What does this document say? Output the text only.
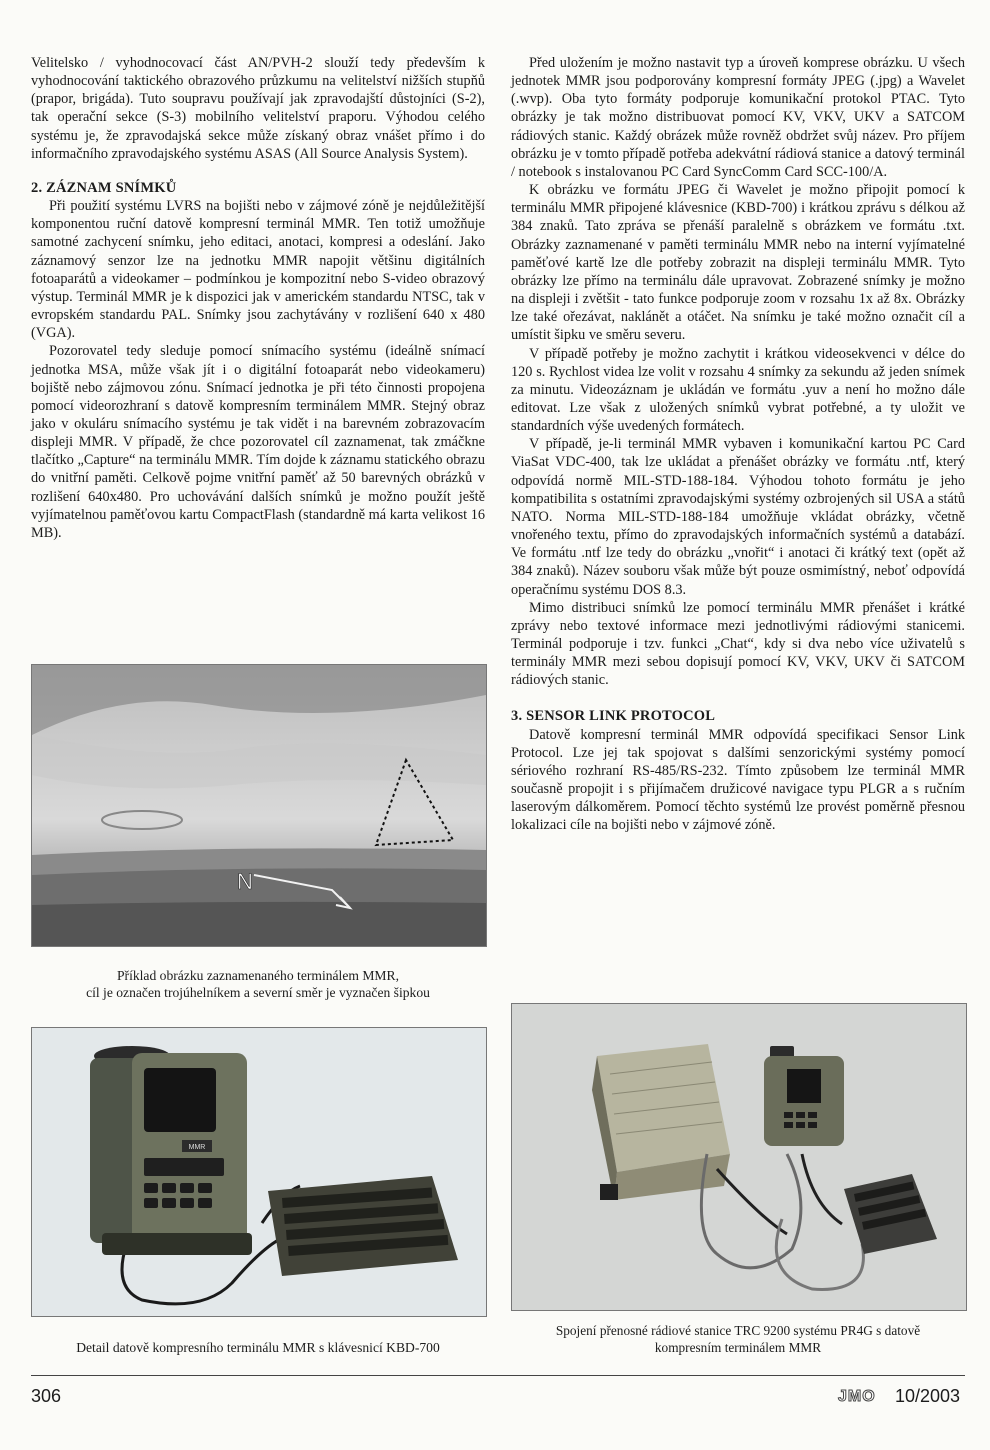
Velitelsko / vyhodnocovací část AN/PVH-2 slouží tedy především k vyhodnocování taktického obrazového průzkumu na velitelství nižších stupňů (prapor, brigáda). Tuto soupravu používají jak zpravodajští důstojníci (S-2), tak operační sekce (S-3) mobilního velitelství praporu. Výhodou celého systému je, že zpravodajská sekce může získaný obraz vnášet přímo i do informačního zpravodajského systému ASAS (All Source Analysis System).

2. ZÁZNAM SNÍMKŮ

Při použití systému LVRS na bojišti nebo v zájmové zóně je nejdůležitější komponentou ruční datově kompresní terminál MMR. Ten totiž umožňuje samotné zachycení snímku, jeho editaci, anotaci, kompresi a odeslání. Jako záznamový senzor lze na jednotku MMR napojit většinu digitálních fotoaparátů a videokamer – podmínkou je kompozitní nebo S-video obrazový výstup. Terminál MMR je k dispozici jak v americkém standardu NTSC, tak v evropském standardu PAL. Snímky jsou zachytávány v rozlišení 640 x 480 (VGA).

Pozorovatel tedy sleduje pomocí snímacího systému (ideálně snímací jednotka MSA, může však jít i o digitální fotoaparát nebo videokameru) bojiště nebo zájmovou zónu. Snímací jednotka je při této činnosti propojena pomocí videorozhraní s datově kompresním terminálem MMR. Stejný obraz jako v okuláru snímacího systému je tak vidět i na barevném zobrazovacím displeji MMR. V případě, že chce pozorovatel cíl zaznamenat, tak zmáčkne tlačítko „Capture“ na terminálu MMR. Tím dojde k záznamu statického obrazu do vnitřní paměti. Celkově pojme vnitřní paměť až 50 barevných obrázků v rozlišení 640x480. Pro uchovávání dalších snímků je možno použít ještě vyjímatelnou paměťovou kartu CompactFlash (standardně má karta velikost 16 MB).

Před uložením je možno nastavit typ a úroveň komprese obrázku. U všech jednotek MMR jsou podporovány kompresní formáty JPEG (.jpg) a Wavelet (.wvp). Oba tyto formáty podporuje komunikační protokol PTAC. Tyto obrázky je tak možno distribuovat pomocí KV, VKV, UKV a SATCOM rádiových stanic. Každý obrázek může rovněž obdržet svůj název. Pro příjem obrázku je v tomto případě potřeba adekvátní rádiová stanice a datový terminál / notebook s instalovanou PC Card SyncComm Card SCC-100/A.

K obrázku ve formátu JPEG či Wavelet je možno připojit pomocí k terminálu MMR připojené klávesnice (KBD-700) i krátkou zprávu s délkou až 384 znaků. Tato zpráva se přenáší paralelně s obrázkem ve formátu .txt. Obrázky zaznamenané v paměti terminálu MMR nebo na interní vyjímatelné paměťové kartě lze dle potřeby zobrazit na displeji terminálu MMR. Tyto obrázky lze přímo na terminálu dále upravovat. Zobrazené snímky je možno na displeji i zvětšit - tato funkce podporuje zoom v rozsahu 1x až 8x. Obrázky lze také ořezávat, naklánět a otáčet. Na snímku je také možno označit cíl a umístit šipku ve směru severu.

V případě potřeby je možno zachytit i krátkou videosekvenci v délce do 120 s. Rychlost videa lze volit v rozsahu 4 snímky za sekundu až jeden snímek za minutu. Videozáznam je ukládán ve formátu .yuv a není ho možno dále editovat. Lze však z uložených snímků vybrat potřebné, a ty uložit ve standardních výše uvedených formátech.

V případě, je-li terminál MMR vybaven i komunikační kartou PC Card ViaSat VDC-400, tak lze ukládat a přenášet obrázky ve formátu .ntf, který odpovídá normě MIL-STD-188-184. Výhodou tohoto formátu je jeho kompatibilita s ostatními zpravodajskými systémy ozbrojených sil USA a států NATO. Norma MIL-STD-188-184 umožňuje vkládat obrázky, včetně vnořeného textu, přímo do zpravodajských informačních systémů a databází. Ve formátu .ntf lze tedy do obrázku „vnořit“ i anotaci či krátký text (opět až 384 znaků). Název souboru však může být pouze osmimístný, neboť odpovídá operačnímu systému DOS 8.3.

Mimo distribuci snímků lze pomocí terminálu MMR přenášet i krátké zprávy nebo textové informace mezi jednotlivými rádiovými stanicemi. Terminál podporuje i tzv. funkci „Chat“, kdy si dva nebo více uživatelů s terminály MMR mezi sebou dopisují pomocí KV, VKV, UKV či SATCOM rádiových stanic.

3. SENSOR LINK PROTOCOL

Datově kompresní terminál MMR odpovídá specifikaci Sensor Link Protocol. Lze jej tak spojovat s dalšími senzorickými systémy pomocí sériového rozhraní RS-485/RS-232. Tímto způsobem lze terminál MMR současně propojit i s přijímačem družicové navigace typu PLGR a s ručním laserovým dálkoměrem. Pomocí těchto systémů lze provést poměrně přesnou lokalizaci cíle na bojišti nebo v zájmové zóně.

N
Příklad obrázku zaznamenaného terminálem MMR,
cíl je označen trojúhelníkem a severní směr je vyznačen šipkou
MMR
Detail datově kompresního terminálu MMR s klávesnicí KBD-700
Spojení přenosné rádiové stanice TRC 9200 systému PR4G s datově
kompresním terminálem MMR
306	JMO 10/2003
